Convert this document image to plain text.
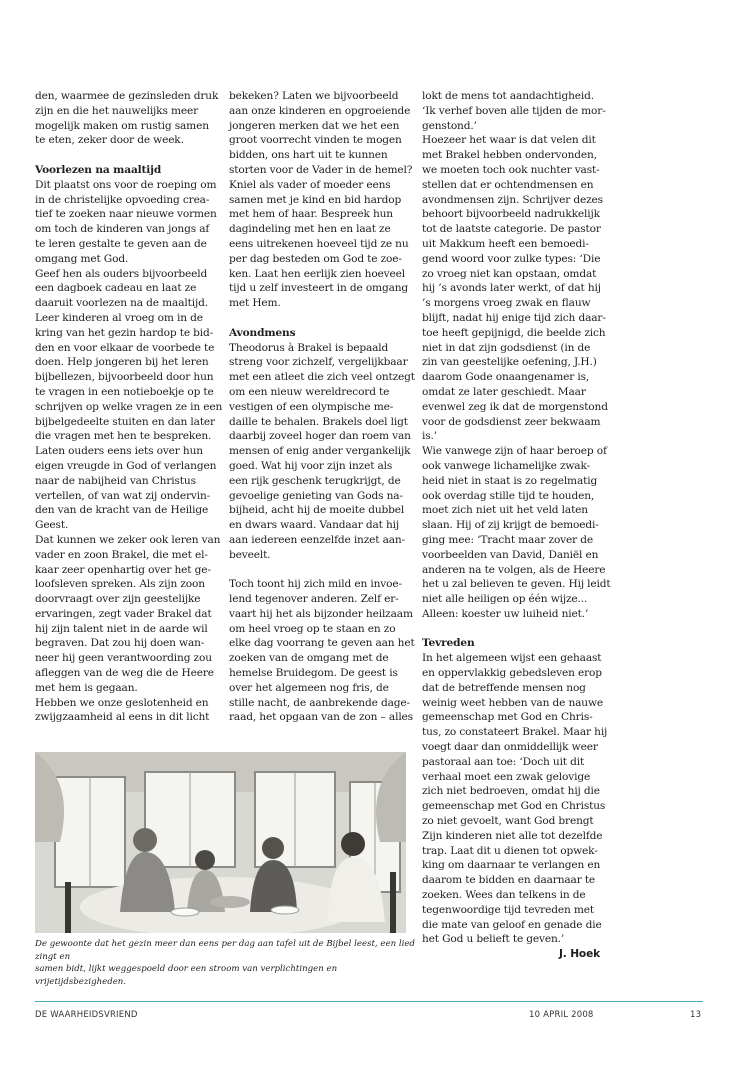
den, waarmee de gezinsleden druk
zijn en die het nauwelijks meer
mogelijk maken om rustig samen
te eten, zeker door de week.
Voorlezen na maaltijd
Dit plaatst ons voor de roeping om
in de christelijke opvoeding crea-
tief te zoeken naar nieuwe vormen
om toch de kinderen van jongs af
te leren gestalte te geven aan de
omgang met God.
Geef hen als ouders bijvoorbeeld
een dagboek cadeau en laat ze
daaruit voorlezen na de maaltijd.
Leer kinderen al vroeg om in de
kring van het gezin hardop te bid-
den en voor elkaar de voorbede te
doen. Help jongeren bij het leren
bijbellezen, bijvoorbeeld door hun
te vragen in een notieboekje op te
schrijven op welke vragen ze in een
bijbelgedeelte stuiten en dan later
die vragen met hen te bespreken.
Laten ouders eens iets over hun
eigen vreugde in God of verlangen
naar de nabijheid van Christus
vertellen, of van wat zij ondervin-
den van de kracht van de Heilige
Geest.
Dat kunnen we zeker ook leren van
vader en zoon Brakel, die met el-
kaar zeer openhartig over het ge-
loofsleven spreken. Als zijn zoon
doorvraagt over zijn geestelijke
ervaringen, zegt vader Brakel dat
hij zijn talent niet in de aarde wil
begraven. Dat zou hij doen wan-
neer hij geen verantwoording zou
afleggen van de weg die de Heere
met hem is gegaan.
Hebben we onze geslotenheid en
zwijgzaamheid al eens in dit licht
bekeken? Laten we bijvoorbeeld
aan onze kinderen en opgroeiende
jongeren merken dat we het een
groot voorrecht vinden te mogen
bidden, ons hart uit te kunnen
storten voor de Vader in de hemel?
Kniel als vader of moeder eens
samen met je kind en bid hardop
met hem of haar. Bespreek hun
dagindeling met hen en laat ze
eens uitrekenen hoeveel tijd ze nu
per dag besteden om God te zoe-
ken. Laat hen eerlijk zien hoeveel
tijd u zelf investeert in de omgang
met Hem.
Avondmens
Theodorus à Brakel is bepaald
streng voor zichzelf, vergelijkbaar
met een atleet die zich veel ontzegt
om een nieuw wereldrecord te
vestigen of een olympische me-
daille te behalen. Brakels doel ligt
daarbij zoveel hoger dan roem van
mensen of enig ander vergankelijk
goed. Wat hij voor zijn inzet als
een rijk geschenk terugkrijgt, de
gevoelige genieting van Gods na-
bijheid, acht hij de moeite dubbel
en dwars waard. Vandaar dat hij
aan iedereen eenzelfde inzet aan-
beveelt.
Toch toont hij zich mild en invoe-
lend tegenover anderen. Zelf er-
vaart hij het als bijzonder heilzaam
om heel vroeg op te staan en zo
elke dag voorrang te geven aan het
zoeken van de omgang met de
hemelse Bruidegom. De geest is
over het algemeen nog fris, de
stille nacht, de aanbrekende dage-
raad, het opgaan van de zon – alles
lokt de mens tot aandachtigheid.
‘Ik verhef boven alle tijden de mor-
genstond.’
Hoezeer het waar is dat velen dit
met Brakel hebben ondervonden,
we moeten toch ook nuchter vast-
stellen dat er ochtendmensen en
avondmensen zijn. Schrijver dezes
behoort bijvoorbeeld nadrukkelijk
tot de laatste categorie. De pastor
uit Makkum heeft een bemoedi-
gend woord voor zulke types: ‘Die
zo vroeg niet kan opstaan, omdat
hij ’s avonds later werkt, of dat hij
’s morgens vroeg zwak en flauw
blijft, nadat hij enige tijd zich daar-
toe heeft gepijnigd, die beelde zich
niet in dat zijn godsdienst (in de
zin van geestelijke oefening, J.H.)
daarom Gode onaangenamer is,
omdat ze later geschiedt. Maar
evenwel zeg ik dat de morgenstond
voor de godsdienst zeer bekwaam
is.’
Wie vanwege zijn of haar beroep of
ook vanwege lichamelijke zwak-
heid niet in staat is zo regelmatig
ook overdag stille tijd te houden,
moet zich niet uit het veld laten
slaan. Hij of zij krijgt de bemoedi-
ging mee: ‘Tracht maar zover de
voorbeelden van David, Daniël en
anderen na te volgen, als de Heere
het u zal believen te geven. Hij leidt
niet alle heiligen op één wijze...
Alleen: koester uw luiheid niet.’
Tevreden
In het algemeen wijst een gehaast
en oppervlakkig gebedsleven erop
dat de betreffende mensen nog
weinig weet hebben van de nauwe
gemeenschap met God en Chris-
tus, zo constateert Brakel. Maar hij
voegt daar dan onmiddellijk weer
pastoraal aan toe: ‘Doch uit dit
verhaal moet een zwak gelovige
zich niet bedroeven, omdat hij die
gemeenschap met God en Christus
zo niet gevoelt, want God brengt
Zijn kinderen niet alle tot dezelfde
trap. Laat dit u dienen tot opwek-
king om daarnaar te verlangen en
daarom te bidden en daarnaar te
zoeken. Wees dan telkens in de
tegenwoordige tijd tevreden met
die mate van geloof en genade die
het God u belieft te geven.’
J. Hoek
De gewoonte dat het gezin meer dan eens per dag aan tafel uit de Bijbel leest, een lied zingt en
samen bidt, lijkt weggespoeld door een stroom van verplichtingen en vrijetijdsbezigheden.
DE WAARHEIDSVRIEND	10 APRIL 2008	13
